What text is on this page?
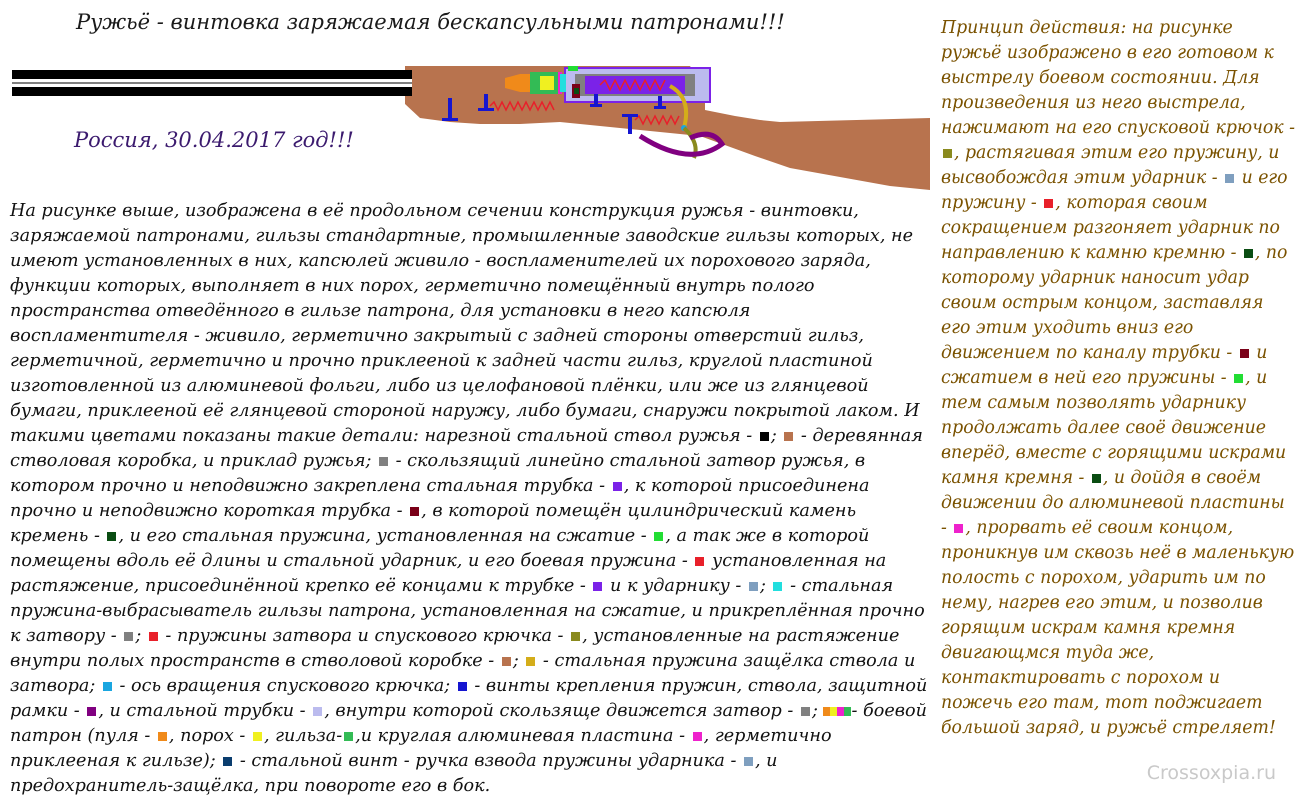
Ружьё - винтовка заряжаемая бескапсульными патронами!!!
Россия, 30.04.2017 год!!!
На рисунке выше, изображена в её продольном сечении конструкция ружья - винтовки, заряжаемой патронами, гильзы стандартные, промышленные заводские гильзы которых, не имеют установленных в них, капсюлей живило - воспламенителей их порохового заряда, функции которых, выполняет в них порох, герметично помещённый внутрь полого пространства отведённого в гильзе патрона, для установки в него капсюля воспламентителя - живило, герметично закрытый с задней стороны отверстий гильз, герметичной, герметично и прочно приклееной к задней части гильз, круглой пластиной изготовленной из алюминевой фольги, либо из целофановой плёнки, или же из глянцевой бумаги, приклееной её глянцевой стороной наружу, либо бумаги, снаружи покрытой лаком. И такими цветами показаны такие детали: нарезной стальной ствол ружья - ;  - деревянная стволовая коробка, и приклад ружья;  - скользящий линейно стальной затвор ружья, в котором прочно и неподвижно закреплена стальная трубка - , к которой присоединена прочно и неподвижно короткая трубка - , в которой помещён цилиндрический камень кремень - , и его стальная пружина, установленная на сжатие - , а так же в которой помещены вдоль её длины и стальной ударник, и его боевая пружина -  установленная на растяжение, присоединённой крепко её концами к трубке -  и к ударнику - ;  - стальная пружина-выбрасыватель гильзы патрона, установленная на сжатие, и прикреплённая прочно к затвору - ;  - пружины затвора и спускового крючка - , установленные на растяжение внутри полых пространств в стволовой коробке - ;  - стальная пружина защёлка ствола и затвора;  - ось вращения спускового крючка;  - винты крепления пружин, ствола, защитной рамки - , и стальной трубки - , внутри которой скользяще движется затвор - ; - боевой патрон (пуля - , порох - , гильза- ,и круглая алюминевая пластина - , герметично приклееная к гильзе);  - стальной винт - ручка взвода пружины ударника - , и предохранитель-защёлка, при повороте его в бок.
Принцип действия: на рисунке ружьё изображено в его готовом к выстрелу боевом состоянии. Для произведения из него выстрела, нажимают на его спусковой крючок - , растягивая этим его пружину, и высвобождая этим ударник -  и его пружину - , которая своим сокращением разгоняет ударник по направлению к камню кремню - , по которому ударник наносит удар своим острым концом, заставляя его этим уходить вниз его движением по каналу трубки -  и сжатием в ней его пружины - , и тем самым позволять ударнику продолжать далее своё движение вперёд, вместе с горящими искрами камня кремня - , и дойдя в своём движении до алюминевой пластины - , прорвать её своим концом, проникнув им сквозь неё в маленькую полость с порохом, ударить им по нему, нагрев его этим, и позволив горящим искрам камня кремня двигающмся туда же, контактировать с порохом и пожечь его там, тот поджигает большой заряд, и ружьё стреляет!
Crossoxpia.ru
